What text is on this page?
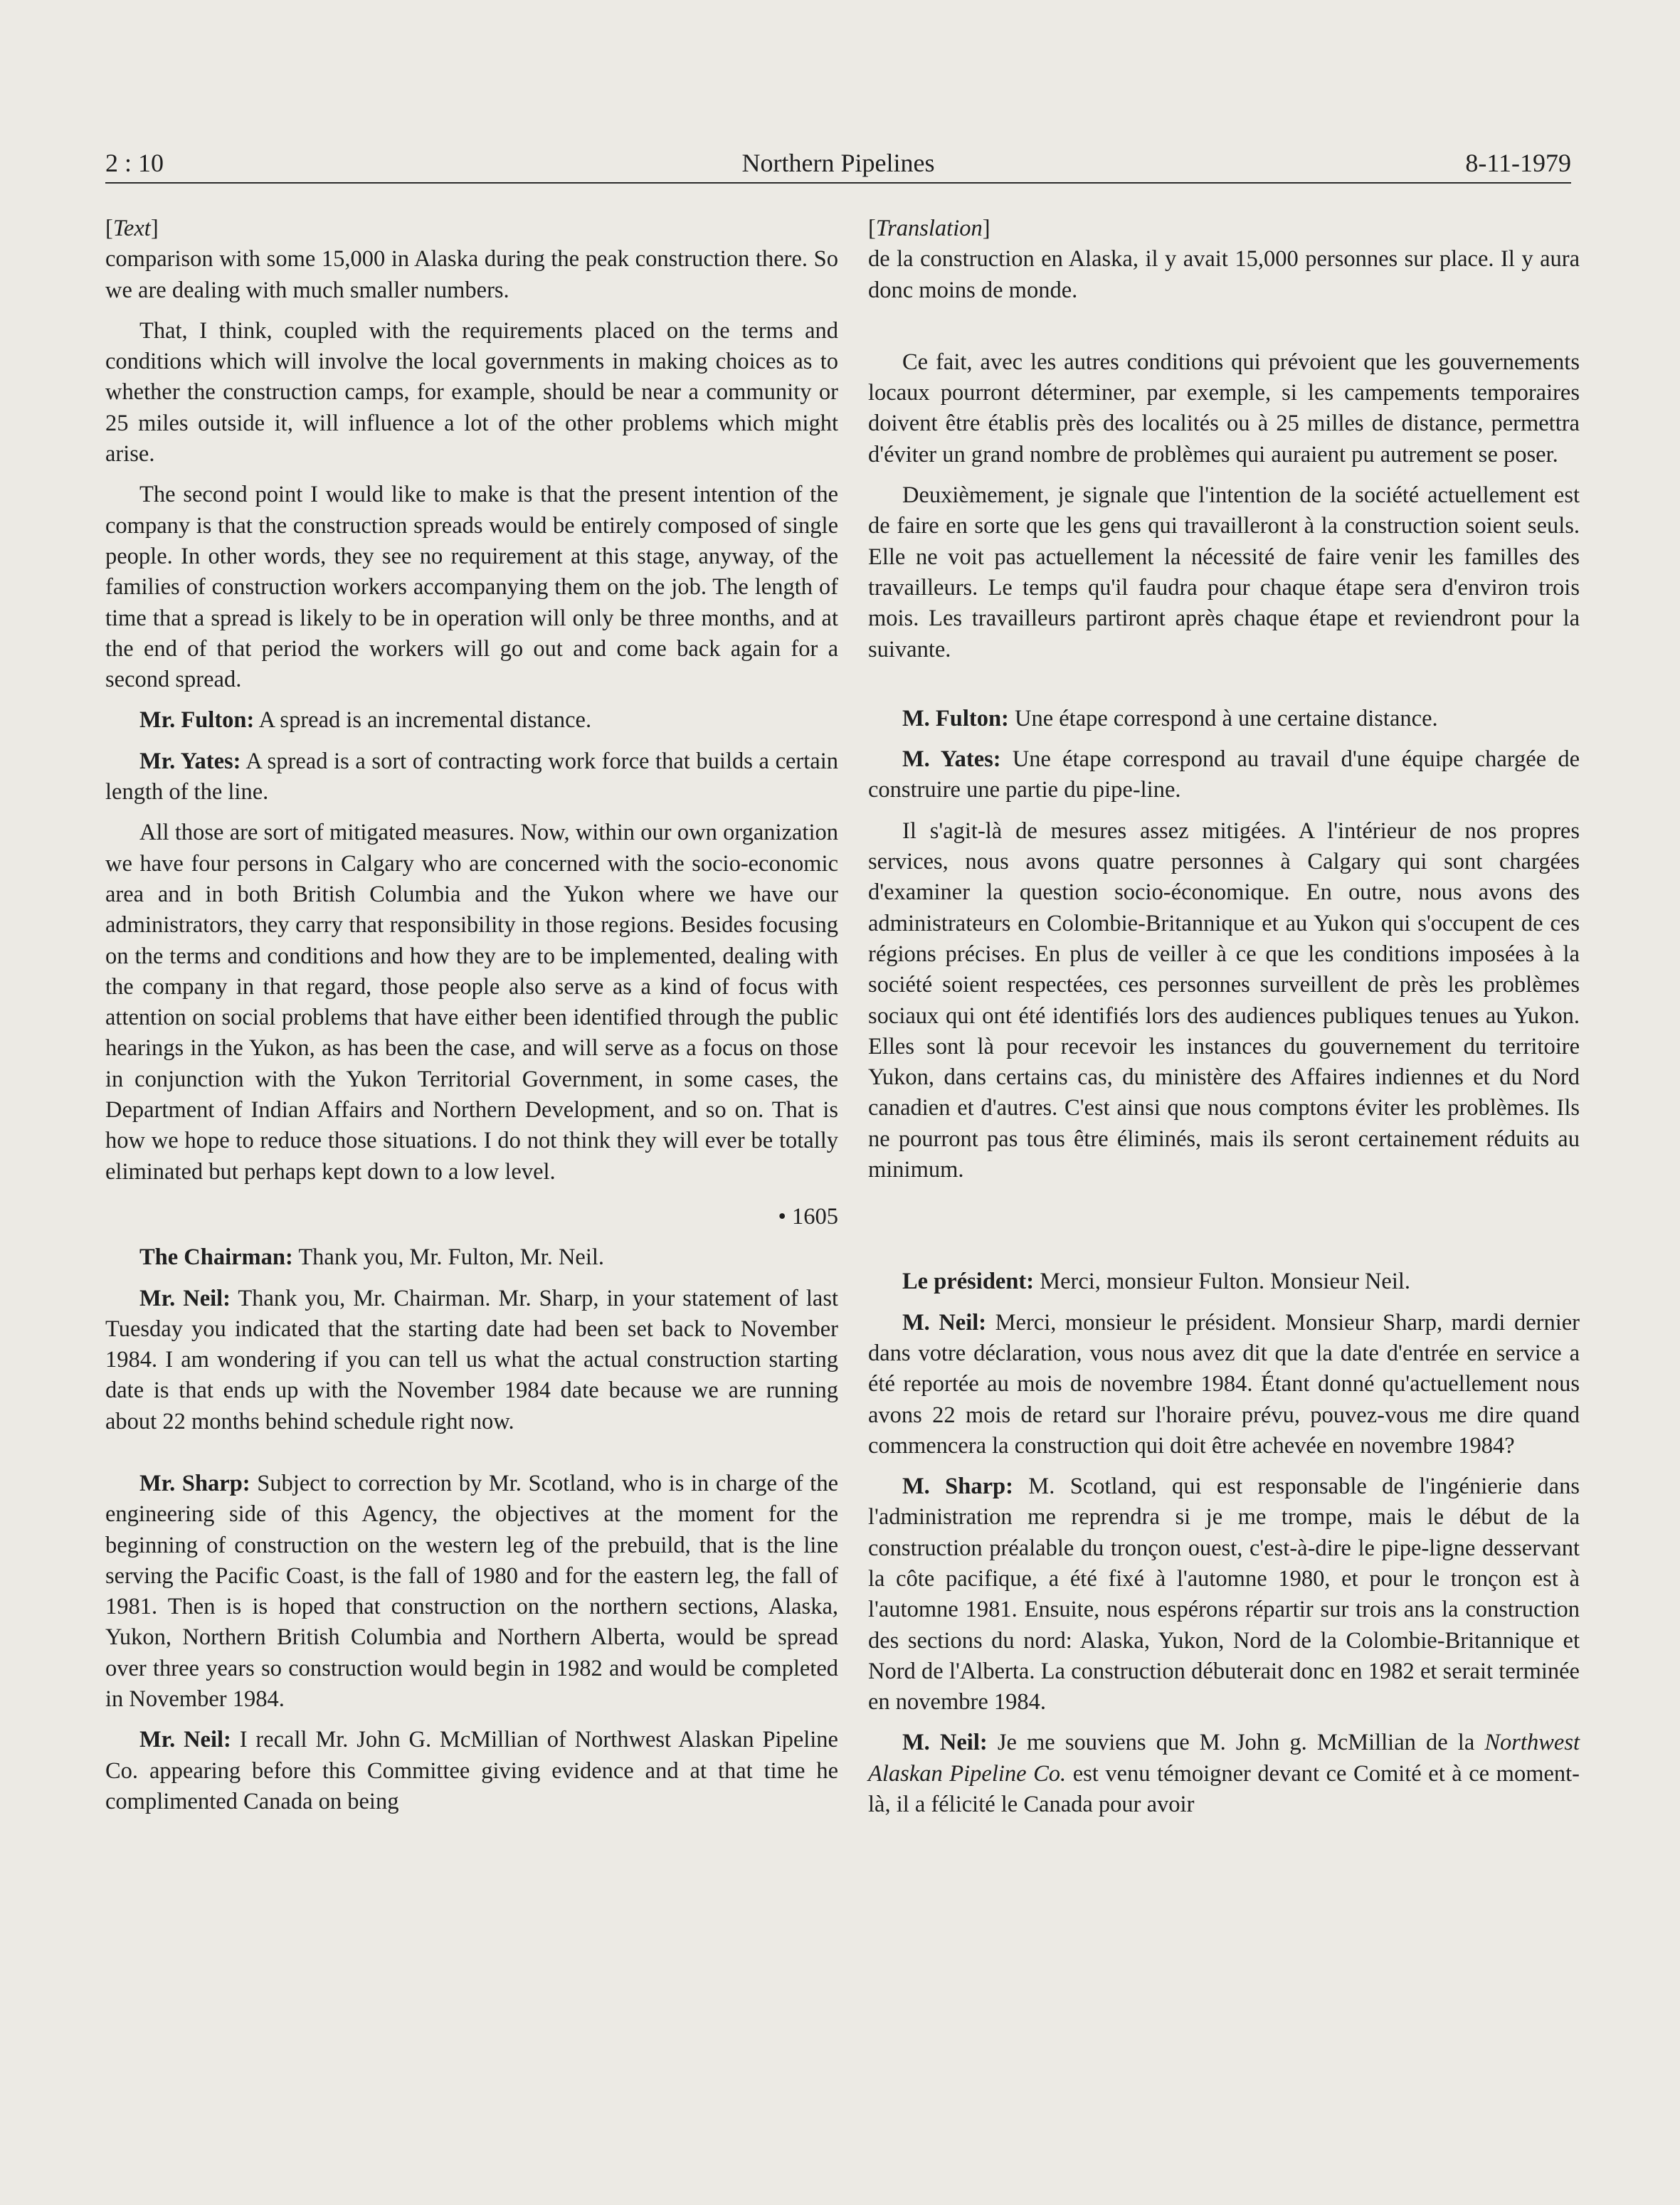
2 : 10	Northern Pipelines	8-11-1979

[Text]

comparison with some 15,000 in Alaska during the peak construction there. So we are dealing with much smaller numbers.

That, I think, coupled with the requirements placed on the terms and conditions which will involve the local governments in making choices as to whether the construction camps, for example, should be near a community or 25 miles outside it, will influence a lot of the other problems which might arise.

The second point I would like to make is that the present intention of the company is that the construction spreads would be entirely composed of single people. In other words, they see no requirement at this stage, anyway, of the families of construction workers accompanying them on the job. The length of time that a spread is likely to be in operation will only be three months, and at the end of that period the workers will go out and come back again for a second spread.

Mr. Fulton: A spread is an incremental distance.

Mr. Yates: A spread is a sort of contracting work force that builds a certain length of the line.

All those are sort of mitigated measures. Now, within our own organization we have four persons in Calgary who are concerned with the socio-economic area and in both British Columbia and the Yukon where we have our administrators, they carry that responsibility in those regions. Besides focusing on the terms and conditions and how they are to be implemented, dealing with the company in that regard, those people also serve as a kind of focus with attention on social problems that have either been identified through the public hearings in the Yukon, as has been the case, and will serve as a focus on those in conjunction with the Yukon Territorial Government, in some cases, the Department of Indian Affairs and Northern Development, and so on. That is how we hope to reduce those situations. I do not think they will ever be totally eliminated but perhaps kept down to a low level.

• 1605

The Chairman: Thank you, Mr. Fulton, Mr. Neil.

Mr. Neil: Thank you, Mr. Chairman. Mr. Sharp, in your statement of last Tuesday you indicated that the starting date had been set back to November 1984. I am wondering if you can tell us what the actual construction starting date is that ends up with the November 1984 date because we are running about 22 months behind schedule right now.

Mr. Sharp: Subject to correction by Mr. Scotland, who is in charge of the engineering side of this Agency, the objectives at the moment for the beginning of construction on the western leg of the prebuild, that is the line serving the Pacific Coast, is the fall of 1980 and for the eastern leg, the fall of 1981. Then is is hoped that construction on the northern sections, Alaska, Yukon, Northern British Columbia and Northern Alberta, would be spread over three years so construction would begin in 1982 and would be completed in November 1984.

Mr. Neil: I recall Mr. John G. McMillian of Northwest Alaskan Pipeline Co. appearing before this Committee giving evidence and at that time he complimented Canada on being

[Translation]

de la construction en Alaska, il y avait 15,000 personnes sur place. Il y aura donc moins de monde.

Ce fait, avec les autres conditions qui prévoient que les gouvernements locaux pourront déterminer, par exemple, si les campements temporaires doivent être établis près des localités ou à 25 milles de distance, permettra d'éviter un grand nombre de problèmes qui auraient pu autrement se poser.

Deuxièmement, je signale que l'intention de la société actuellement est de faire en sorte que les gens qui travailleront à la construction soient seuls. Elle ne voit pas actuellement la nécessité de faire venir les familles des travailleurs. Le temps qu'il faudra pour chaque étape sera d'environ trois mois. Les travailleurs partiront après chaque étape et reviendront pour la suivante.

M. Fulton: Une étape correspond à une certaine distance.

M. Yates: Une étape correspond au travail d'une équipe chargée de construire une partie du pipe-line.

Il s'agit-là de mesures assez mitigées. A l'intérieur de nos propres services, nous avons quatre personnes à Calgary qui sont chargées d'examiner la question socio-économique. En outre, nous avons des administrateurs en Colombie-Britannique et au Yukon qui s'occupent de ces régions précises. En plus de veiller à ce que les conditions imposées à la société soient respectées, ces personnes surveillent de près les problèmes sociaux qui ont été identifiés lors des audiences publiques tenues au Yukon. Elles sont là pour recevoir les instances du gouvernement du territoire Yukon, dans certains cas, du ministère des Affaires indiennes et du Nord canadien et d'autres. C'est ainsi que nous comptons éviter les problèmes. Ils ne pourront pas tous être éliminés, mais ils seront certainement réduits au minimum.

Le président: Merci, monsieur Fulton. Monsieur Neil.

M. Neil: Merci, monsieur le président. Monsieur Sharp, mardi dernier dans votre déclaration, vous nous avez dit que la date d'entrée en service a été reportée au mois de novembre 1984. Étant donné qu'actuellement nous avons 22 mois de retard sur l'horaire prévu, pouvez-vous me dire quand commencera la construction qui doit être achevée en novembre 1984?

M. Sharp: M. Scotland, qui est responsable de l'ingénierie dans l'administration me reprendra si je me trompe, mais le début de la construction préalable du tronçon ouest, c'est-à-dire le pipe-ligne desservant la côte pacifique, a été fixé à l'automne 1980, et pour le tronçon est à l'automne 1981. Ensuite, nous espérons répartir sur trois ans la construction des sections du nord: Alaska, Yukon, Nord de la Colombie-Britannique et Nord de l'Alberta. La construction débuterait donc en 1982 et serait terminée en novembre 1984.

M. Neil: Je me souviens que M. John g. McMillian de la Northwest Alaskan Pipeline Co. est venu témoigner devant ce Comité et à ce moment-là, il a félicité le Canada pour avoir
